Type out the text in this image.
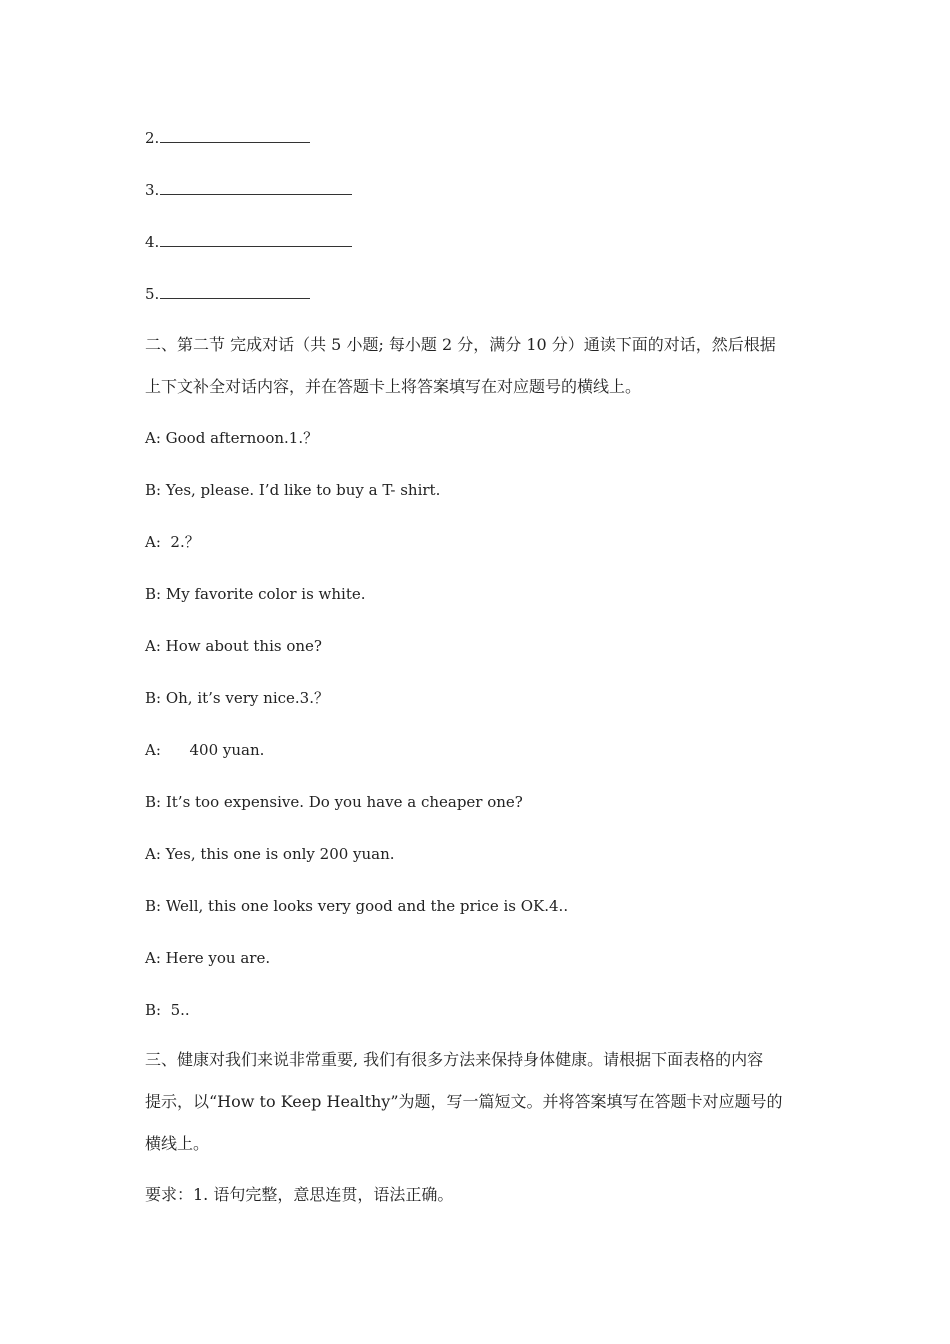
2.
3.
4.
5.
二、第二节 完成对话（共 5 小题; 每小题 2 分，满分 10 分）通读下面的对话，然后根据
上下文补全对话内容，并在答题卡上将答案填写在对应题号的横线上。
A: Good afternoon.1.？
B: Yes, please. I’d like to buy a T- shirt.
A:  2.？
B: My favorite color is white.
A: How about this one?
B: Oh, it’s very nice.3.？
A:      400 yuan.
B: It’s too expensive. Do you have a cheaper one?
A: Yes, this one is only 200 yuan.
B: Well, this one looks very good and the price is OK.4..
A: Here you are.
B:  5..
三、健康对我们来说非常重要, 我们有很多方法来保持身体健康。请根据下面表格的内容
提示，以“How to Keep Healthy”为题，写一篇短文。并将答案填写在答题卡对应题号的
横线上。
要求：1. 语句完整，意思连贯，语法正确。
